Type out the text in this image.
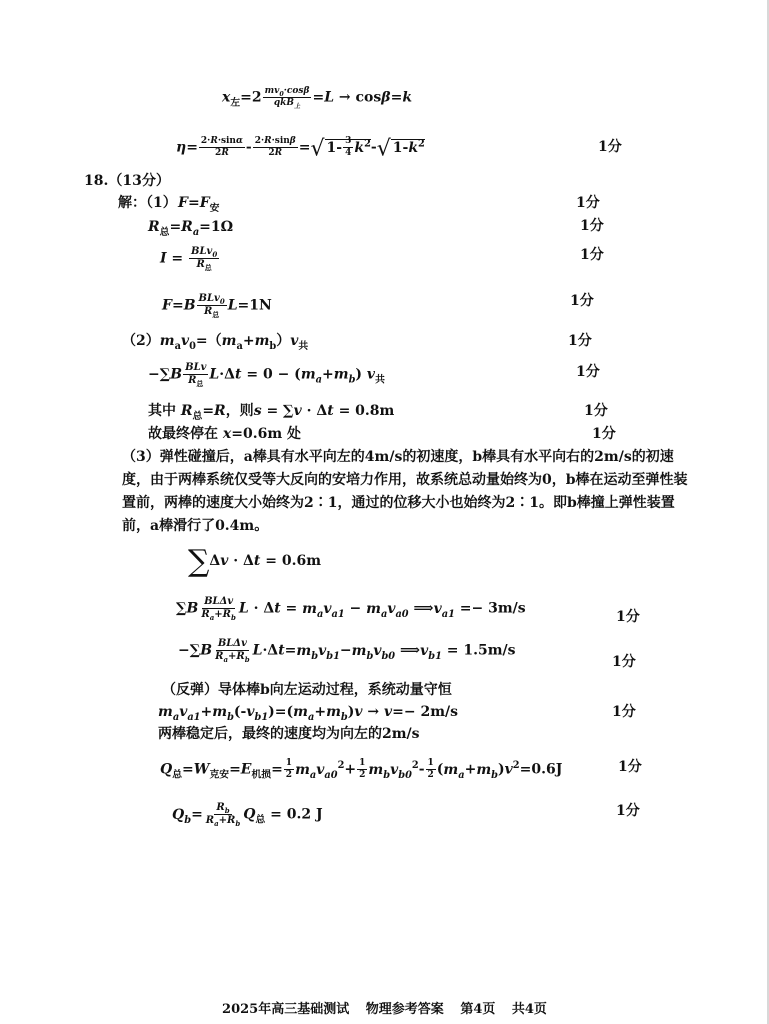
$x_左=2$ $mv_0\cdot\cos\beta$
qkB$_上$
=L → cosβ=k
$\eta= \frac{2\cdot R\cdot\sin\alpha}{2R} - \frac{2\cdot R\cdot\sin\beta}{2R}$ =√ $1- \frac{3}{4} k^2-√$ $1-k^2$	1分
18.（13分）
解：（1） $F=F_安$	1分
$R_总=R_a=1\Omega$	1分
I = BLv$_0$
$R_总$
1分
F=B BLv$_0$
$R_总$
L=1N	1分
$(2)m_av_0=(m_a+m_b)v_共$	1分
−∑B BLv
$R_总$
$L\cdot\Delta t = 0 - (m_a+m_b)$ $v_共$	1分
其中 $R_总=R$，则s = ∑v · Δt = 0.8m	1分
故最终停在 x=0.6m 处	1分
（3）弹性碰撞后，a棒具有水平向左的4m/s的初速度，b棒具有水平向右的2m/s的初速度，由于两棒系统仅受等大反向的安培力作用，故系统总动量始终为0，b棒在运动至弹性装置前，两棒的速度大小始终为2∶1，通过的位移大小也始终为2∶1。即b棒撞上弹性装置前，a棒滑行了0.4m。
∑Δv · Δt = 0.6m
∑B BLΔv
$R_a+R_b$
$L \cdot \Delta t = m_av_{a1} - m_av_{a0}$ $⟹v_{a1} =- 3m/s$
1分
−∑B BLΔv
$R_a+R_b$
$L\cdot\Delta t=m_bv_{b1}-m_bv_{b0}$ $⟹v_{b1} = 1.5m/s$
1分
（反弹）导体棒b向左运动过程，系统动量守恒
$m_av_{a1}+m_b(-v_{b1})=(m_a+m_b)v \to v=- 2m/s$	1分
两棒稳定后，最终的速度均为向左的2m/s
$Q_总=W_{克安}=E_{机损}= \frac{1}{2} m_av_{a0}^2+ \frac{1}{2} m_bv_{b0}^2- \frac{1}{2} (m_a+m_b)v^2=0.6J$	1分
$Q_b= \frac{R_b}{R_a+R_b} Q_总 = 0.2$ J	1分
2025年高三基础测试 物理参考答案 第4页 共4页
